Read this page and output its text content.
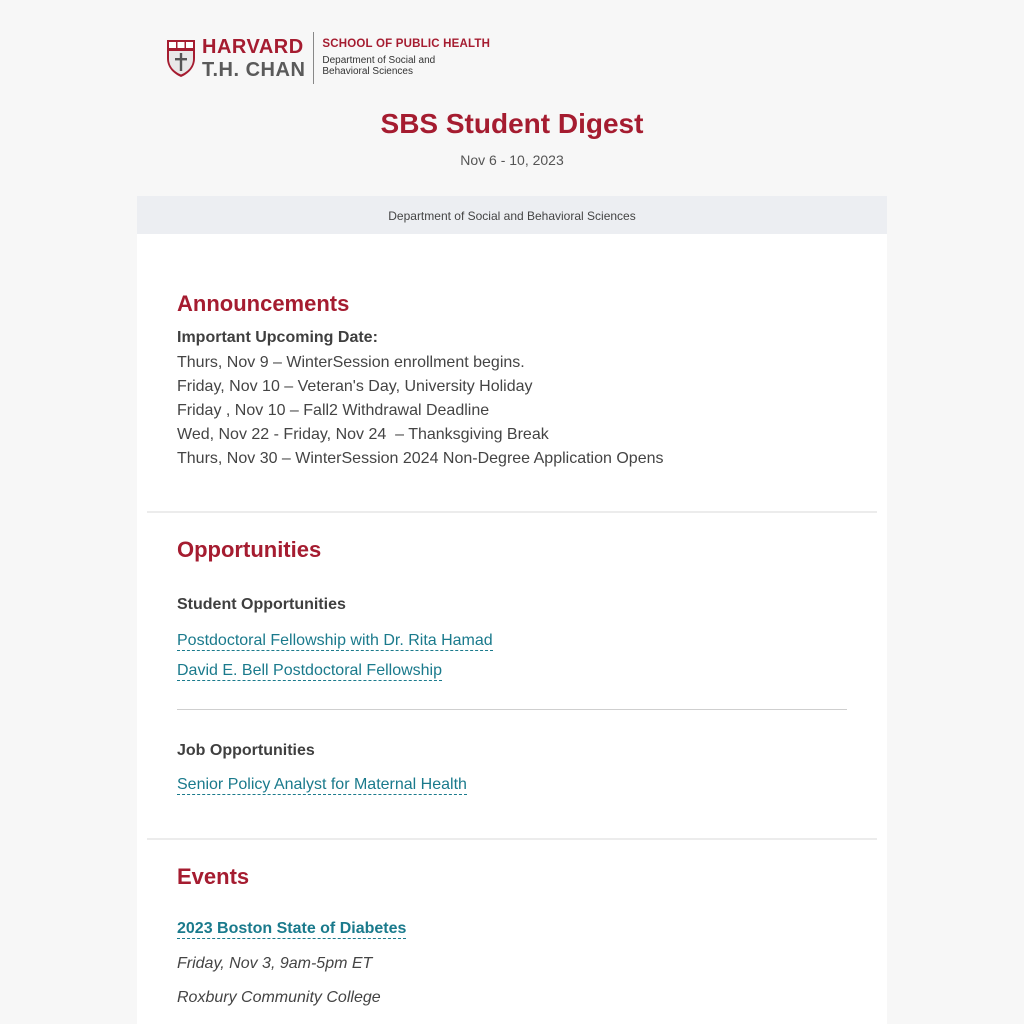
HARVARD
T.H. CHAN
SCHOOL OF PUBLIC HEALTH
Department of Social and
Behavioral Sciences
SBS Student Digest
Nov 6 - 10, 2023
Department of Social and Behavioral Sciences
Announcements
Important Upcoming Date:
Thurs, Nov 9 – WinterSession enrollment begins.
Friday, Nov 10 – Veteran's Day, University Holiday
Friday , Nov 10 – Fall2 Withdrawal Deadline
Wed, Nov 22 - Friday, Nov 24  – Thanksgiving Break
Thurs, Nov 30 – WinterSession 2024 Non-Degree Application Opens
Opportunities
Student Opportunities
Postdoctoral Fellowship with Dr. Rita Hamad
David E. Bell Postdoctoral Fellowship
Job Opportunities
Senior Policy Analyst for Maternal Health
Events
2023 Boston State of Diabetes
Friday, Nov 3, 9am-5pm ET
Roxbury Community College
